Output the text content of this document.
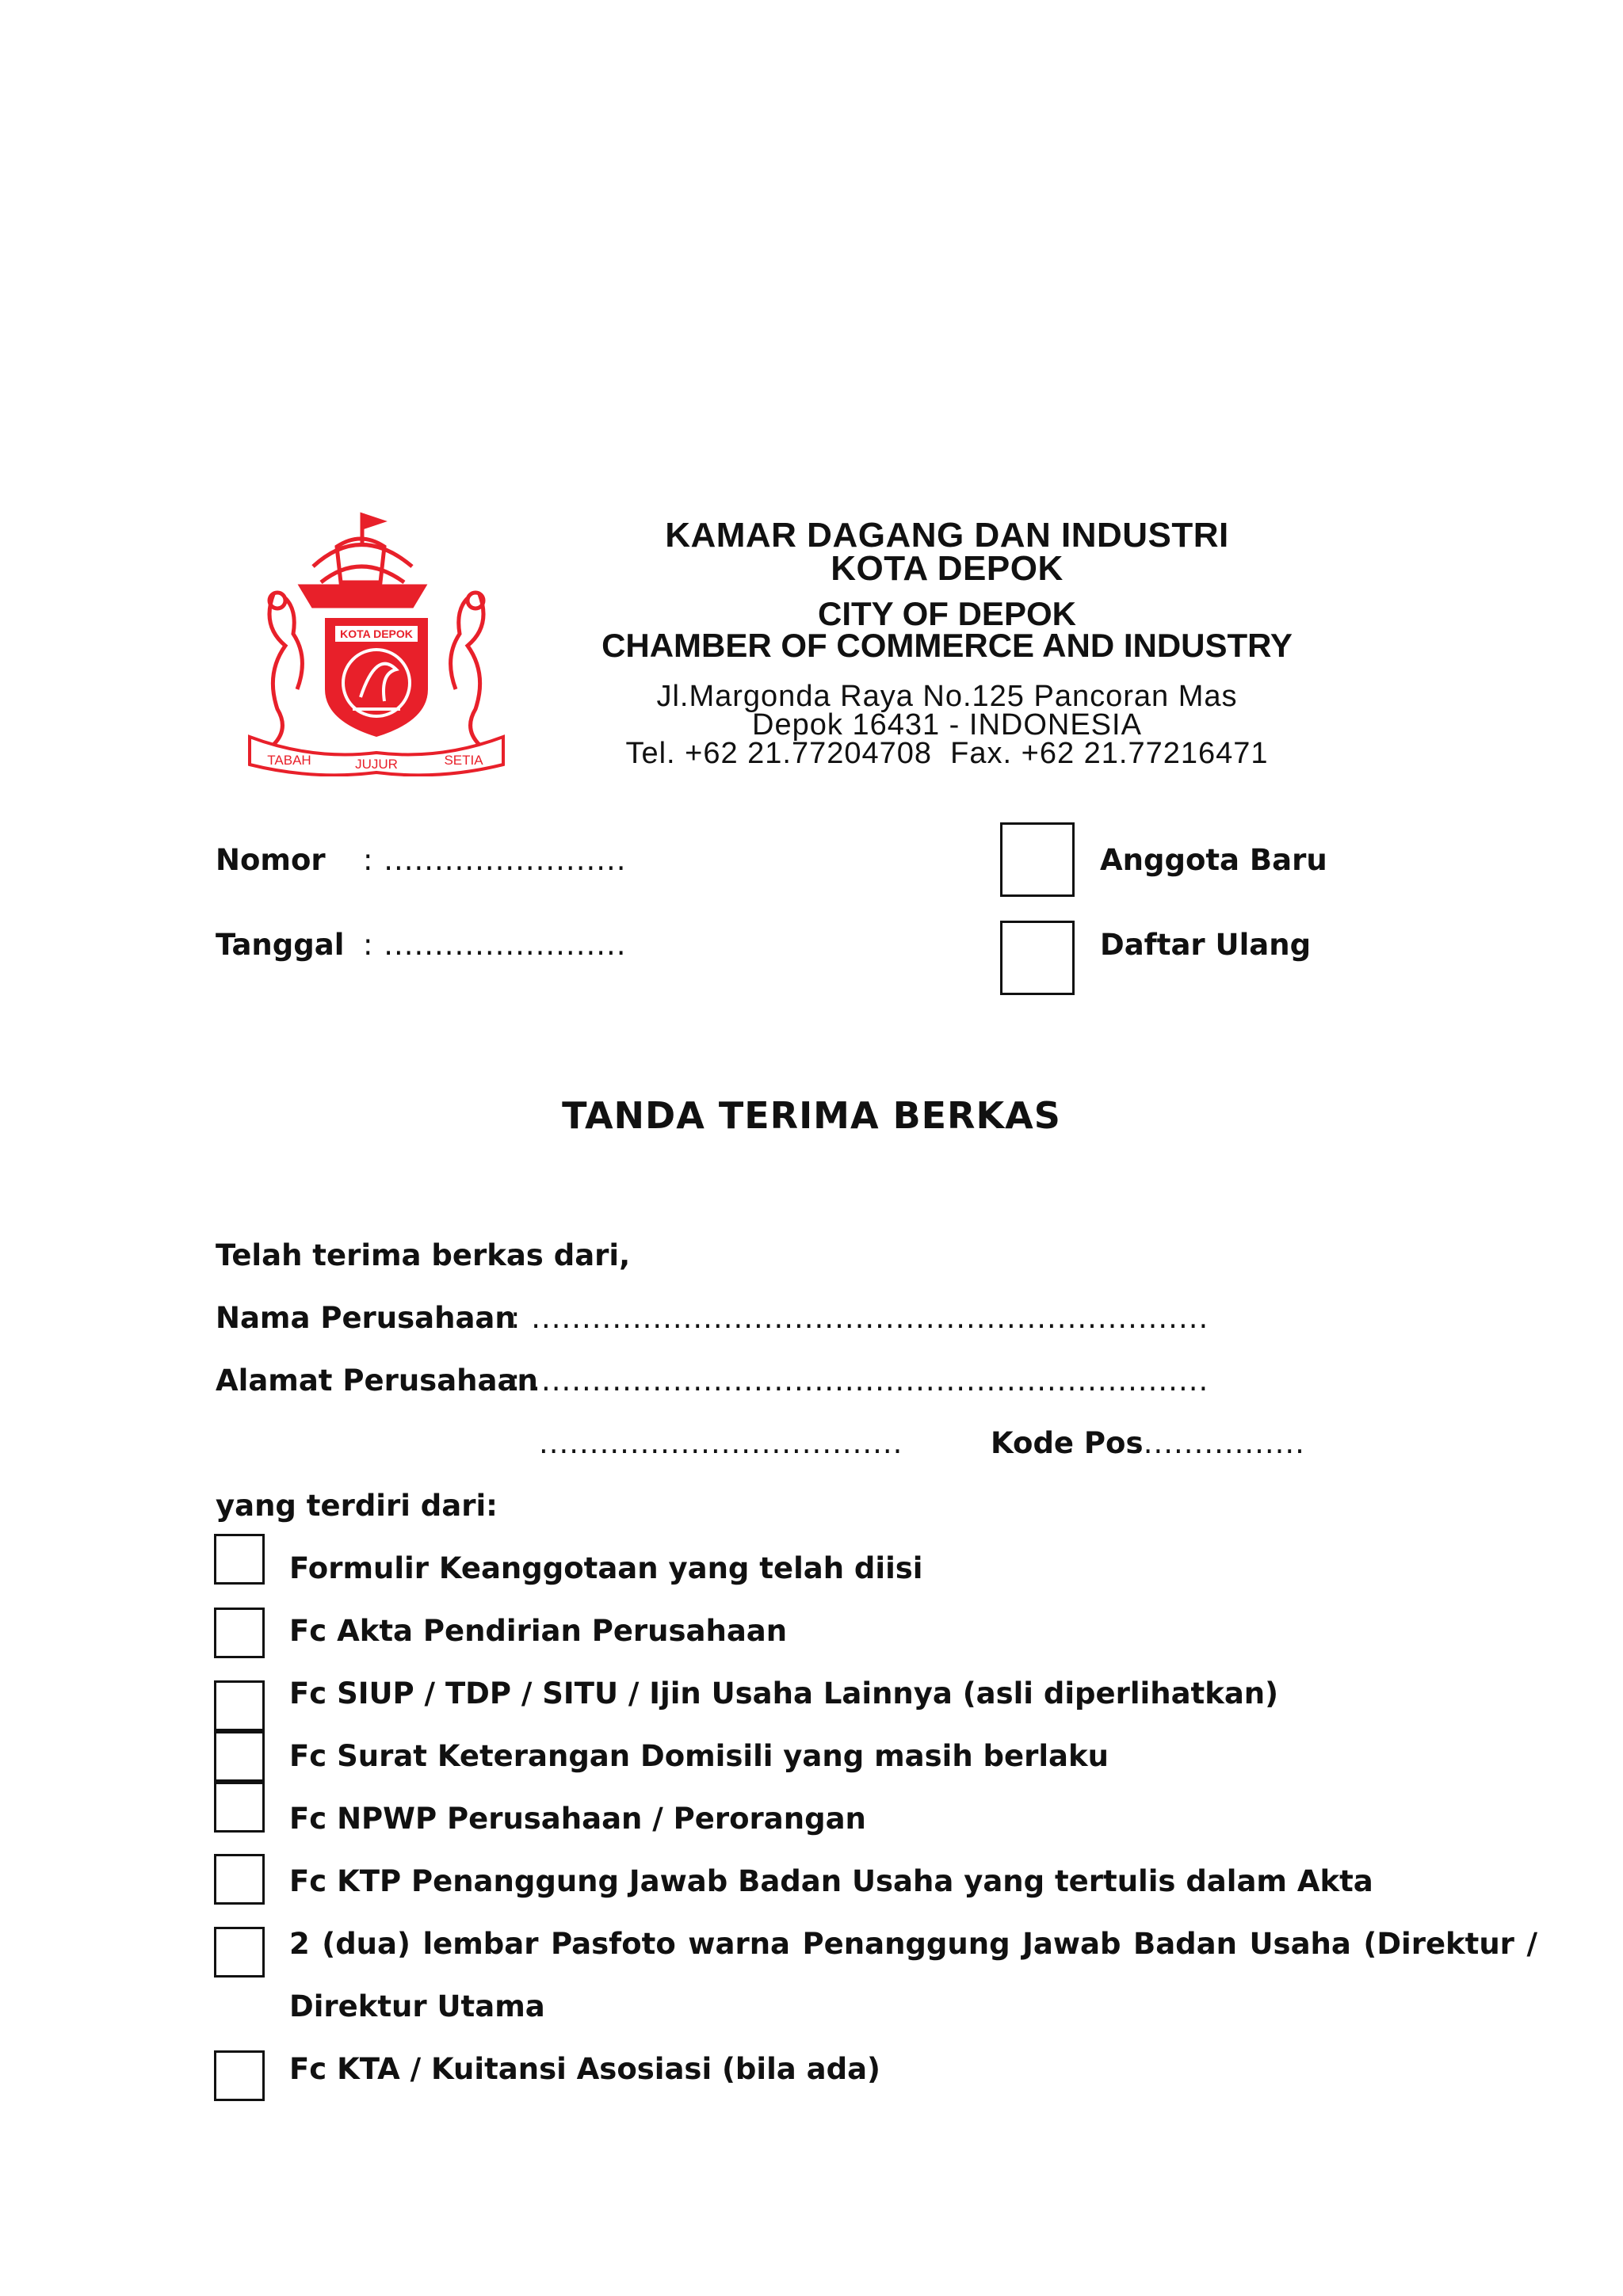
KOTA DEPOK
TABAH	JUJUR	SETIA
KAMAR DAGANG DAN INDUSTRI
KOTA DEPOK
CITY OF DEPOK
CHAMBER OF COMMERCE AND INDUSTRY
Jl.Margonda Raya No.125 Pancoran Mas
Depok 16431 - INDONESIA
Tel. +62 21.77204708  Fax. +62 21.77216471
Nomor : ........................
Tanggal : ........................
Anggota Baru
Daftar Ulang
TANDA TERIMA BERKAS
Telah terima berkas dari,
Nama Perusahaan
: ...................................................................
Alamat Perusahaan
: ...................................................................
....................................	Kode Pos
.................
yang terdiri dari:
Formulir Keanggotaan yang telah diisi
Fc Akta Pendirian Perusahaan
Fc SIUP / TDP / SITU / Ijin Usaha Lainnya (asli diperlihatkan)
Fc Surat Keterangan Domisili yang masih berlaku
Fc NPWP Perusahaan / Perorangan
Fc KTP Penanggung Jawab Badan Usaha yang tertulis dalam Akta
2 (dua) lembar Pasfoto warna Penanggung Jawab Badan Usaha (Direktur /
Direktur Utama
Fc KTA / Kuitansi Asosiasi (bila ada)
